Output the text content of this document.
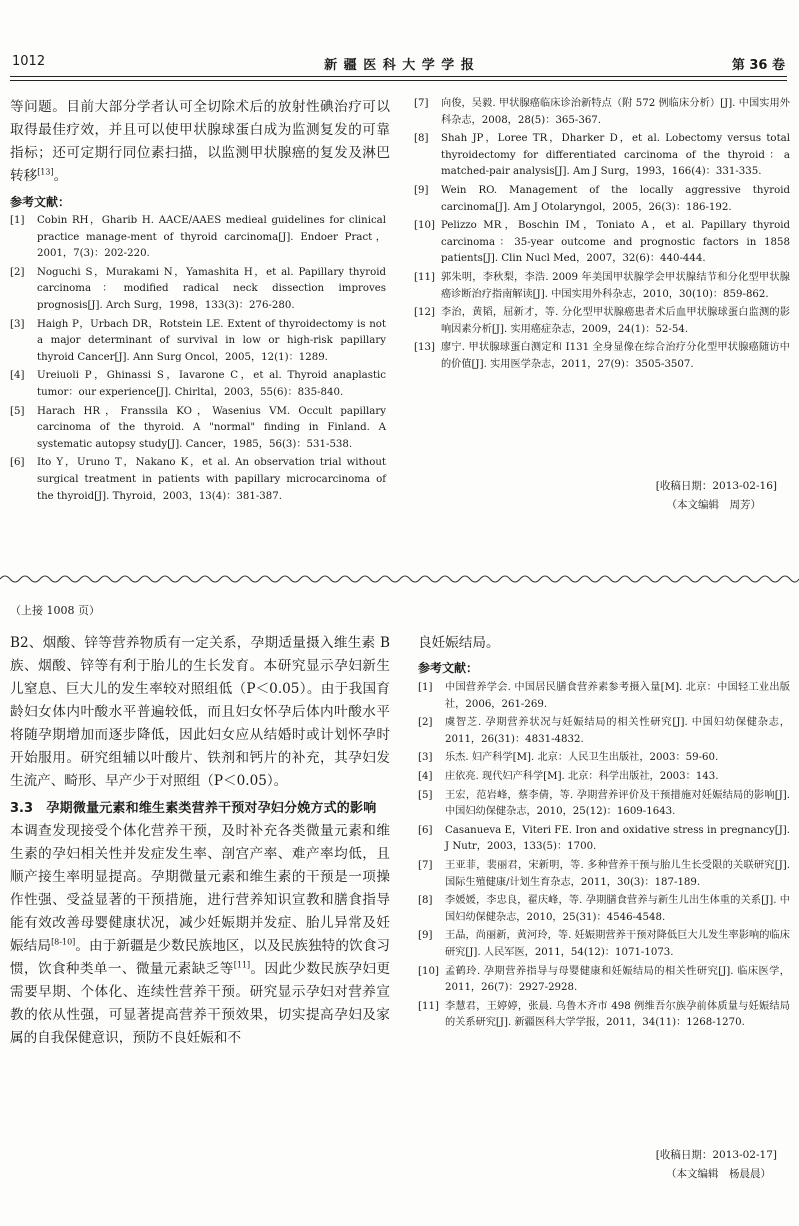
1012	新 疆 医 科 大 学 学 报	第 36 卷
等问题。目前大部分学者认可全切除术后的放射性碘治疗可以取得最佳疗效，并且可以使甲状腺球蛋白成为监测复发的可靠指标；还可定期行同位素扫描，以监测甲状腺癌的复发及淋巴转移[13]。
参考文献：
[1]	Cobin RH，Gharib H. AACE/AAES medieal guidelines for clinical practice manage-ment of thyroid carcinoma[J]. Endoer Pract，2001，7(3)：202-220.
[2]	Noguchi S，Murakami N，Yamashita H，et al. Papillary thyroid carcinoma：modified radical neck dissection improves prognosis[J]. Arch Surg，1998，133(3)：276-280.
[3]	Haigh P，Urbach DR，Rotstein LE. Extent of thyroidectomy is not a major determinant of survival in low or high-risk papillary thyroid Cancer[J]. Ann Surg Oncol，2005，12(1)：1289.
[4]	Ureiuoli P，Ghinassi S，Iavarone C，et al. Thyroid anaplastic tumor：our experience[J]. Chirltal，2003，55(6)：835-840.
[5]	Harach HR，Franssila KO，Wasenius VM. Occult papillary carcinoma of the thyroid. A "normal" finding in Finland. A systematic autopsy study[J]. Cancer，1985，56(3)：531-538.
[6]	Ito Y，Uruno T，Nakano K，et al. An observation trial without surgical treatment in patients with papillary microcarcinoma of the thyroid[J]. Thyroid，2003，13(4)：381-387.
[7]	向俊，吴毅. 甲状腺癌临床诊治新特点（附 572 例临床分析）[J]. 中国实用外科杂志，2008，28(5)：365-367.
[8]	Shah JP，Loree TR，Dharker D，et al. Lobectomy versus total thyroidectomy for differentiated carcinoma of the thyroid：a matched-pair analysis[J]. Am J Surg，1993，166(4)：331-335.
[9]	Wein RO. Management of the locally aggressive thyroid carcinoma[J]. Am J Otolaryngol，2005，26(3)：186-192.
[10] Pelizzo MR，Boschin IM，Toniato A，et al. Papillary thyroid carcinoma：35-year outcome and prognostic factors in 1858 patients[J]. Clin Nucl Med，2007，32(6)：440-444.
[11] 郭朱明，李秋梨，李浩. 2009 年美国甲状腺学会甲状腺结节和分化型甲状腺癌诊断治疗指南解读[J]. 中国实用外科杂志，2010，30(10)：859-862.
[12] 李治，黄韬，屈新才，等. 分化型甲状腺癌患者术后血甲状腺球蛋白监测的影响因素分析[J]. 实用癌症杂志，2009，24(1)：52-54.
[13] 廖宁. 甲状腺球蛋白测定和 I131 全身显像在综合治疗分化型甲状腺癌随访中的价值[J]. 实用医学杂志，2011，27(9)：3505-3507.
[收稿日期：2013-02-16]
（本文编辑　周芳）
（上接 1008 页）
B2、烟酸、锌等营养物质有一定关系，孕期适量摄入维生素 B 族、烟酸、锌等有利于胎儿的生长发育。本研究显示孕妇新生儿窒息、巨大儿的发生率较对照组低（P＜0.05）。由于我国育龄妇女体内叶酸水平普遍较低，而且妇女怀孕后体内叶酸水平将随孕期增加而逐步降低，因此妇女应从结婚时或计划怀孕时开始服用。研究组辅以叶酸片、铁剂和钙片的补充，其孕妇发生流产、畸形、早产少于对照组（P＜0.05）。
3.3　孕期微量元素和维生素类营养干预对孕妇分娩方式的影响　本调查发现接受个体化营养干预，及时补充各类微量元素和维生素的孕妇相关性并发症发生率、剖宫产率、难产率均低，且顺产接生率明显提高。孕期微量元素和维生素的干预是一项操作性强、受益显著的干预措施，进行营养知识宣教和膳食指导能有效改善母婴健康状况，减少妊娠期并发症、胎儿异常及妊娠结局[8-10]。由于新疆是少数民族地区，以及民族独特的饮食习惯，饮食种类单一、微量元素缺乏等[11]。因此少数民族孕妇更需要早期、个体化、连续性营养干预。研究显示孕妇对营养宣教的依从性强，可显著提高营养干预效果，切实提高孕妇及家属的自我保健意识，预防不良妊娠和不
良妊娠结局。
参考文献：
[1]	中国营养学会. 中国居民膳食营养素参考摄入量[M]. 北京：中国轻工业出版社，2006，261-269.
[2]	虞智芝. 孕期营养状况与妊娠结局的相关性研究[J]. 中国妇幼保健杂志，2011，26(31)：4831-4832.
[3]	乐杰. 妇产科学[M]. 北京：人民卫生出版社，2003：59-60.
[4]	庄依亮. 现代妇产科学[M]. 北京：科学出版社，2003：143.
[5]	王宏，范岩峰，蔡李倩，等. 孕期营养评价及干预措施对妊娠结局的影响[J]. 中国妇幼保健杂志，2010，25(12)：1609-1643.
[6]	Casanueva E，Viteri FE. Iron and oxidative stress in pregnancy[J]. J Nutr，2003，133(5)：1700.
[7]	王亚菲，裴丽君，宋新明，等. 多种营养干预与胎儿生长受限的关联研究[J]. 国际生殖健康/计划生育杂志，2011，30(3)：187-189.
[8]	李媛媛，李忠良，翟庆峰，等. 孕期膳食营养与新生儿出生体重的关系[J]. 中国妇幼保健杂志，2010，25(31)：4546-4548.
[9]	王晶，尚丽新，黄河玲，等. 妊娠期营养干预对降低巨大儿发生率影响的临床研究[J]. 人民军医，2011，54(12)：1071-1073.
[10] 孟鹤玲. 孕期营养指导与母婴健康和妊娠结局的相关性研究[J]. 临床医学，2011，26(7)：2927-2928.
[11] 李慧君，王婷婷，张晨. 乌鲁木齐市 498 例维吾尔族孕前体质量与妊娠结局的关系研究[J]. 新疆医科大学学报，2011，34(11)：1268-1270.
[收稿日期：2013-02-17]
（本文编辑　杨晨晨）
